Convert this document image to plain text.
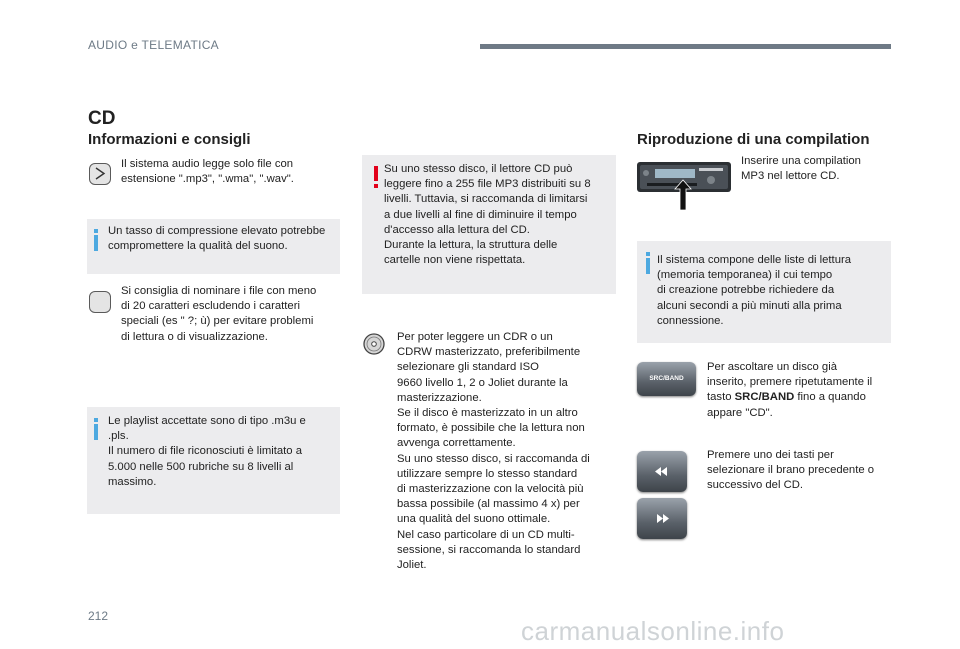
AUDIO e TELEMATICA
CD
Informazioni e consigli
Il sistema audio legge solo file con
estensione ".mp3", ".wma", ".wav".
Un tasso di compressione elevato potrebbe
compromettere la qualità del suono.
Si consiglia di nominare i file con meno
di 20 caratteri escludendo i caratteri
speciali (es " ?; ù) per evitare problemi
di lettura o di visualizzazione.
Le playlist accettate sono di tipo .m3u e
.pls.
Il numero di file riconosciuti è limitato a
5.000 nelle 500 rubriche su 8 livelli al
massimo.
Su uno stesso disco, il lettore CD può
leggere fino a 255 file MP3 distribuiti su 8
livelli. Tuttavia, si raccomanda di limitarsi
a due livelli al fine di diminuire il tempo
d'accesso alla lettura del CD.
Durante la lettura, la struttura delle
cartelle non viene rispettata.
Per poter leggere un CDR o un
CDRW masterizzato, preferibilmente
selezionare gli standard ISO
9660 livello 1, 2 o Joliet durante la
masterizzazione.
Se il disco è masterizzato in un altro
formato, è possibile che la lettura non
avvenga correttamente.
Su uno stesso disco, si raccomanda di
utilizzare sempre lo stesso standard
di masterizzazione con la velocità più
bassa possibile (al massimo 4 x) per
una qualità del suono ottimale.
Nel caso particolare di un CD multi-
sessione, si raccomanda lo standard
Joliet.
Riproduzione di una compilation
Inserire una compilation
MP3 nel lettore CD.
Il sistema compone delle liste di lettura
(memoria temporanea) il cui tempo
di creazione potrebbe richiedere da
alcuni secondi a più minuti alla prima
connessione.
SRC/BAND
Per ascoltare un disco già
inserito, premere ripetutamente il
tasto SRC/BAND fino a quando
appare "CD".
Premere uno dei tasti per
selezionare il brano precedente o
successivo del CD.
212	carmanualsonline.info
